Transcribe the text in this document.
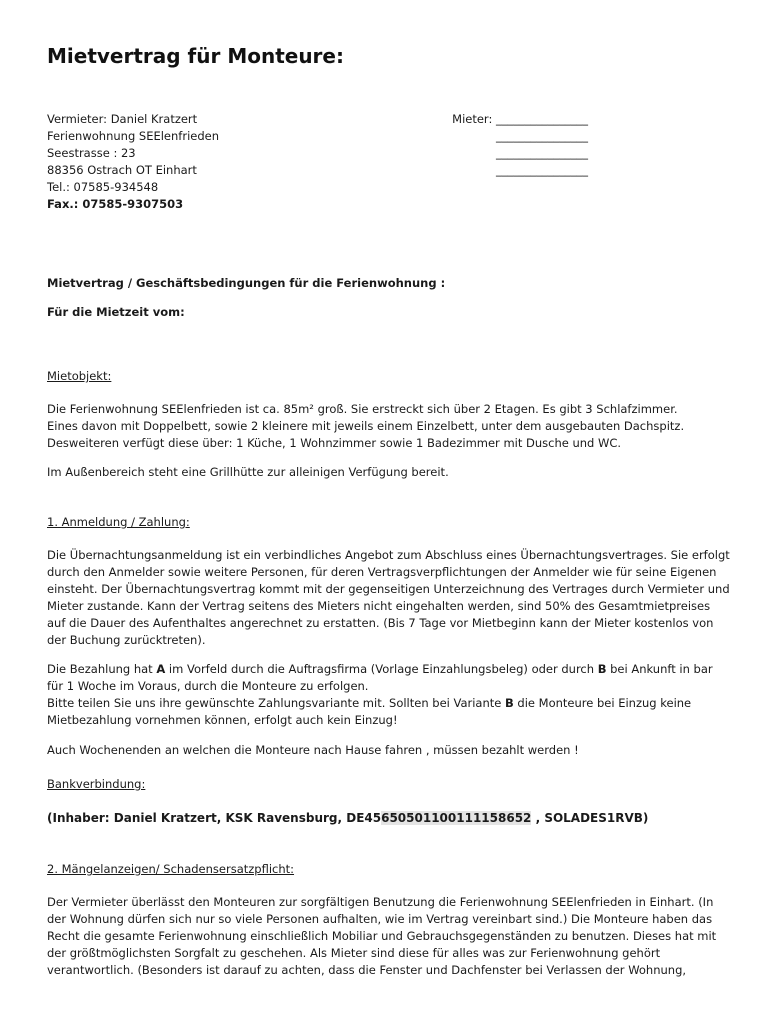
Mietvertrag für Monteure:
Vermieter: Daniel Kratzert
Ferienwohnung SEElenfrieden
Seestrasse : 23
88356 Ostrach OT Einhart
Tel.: 07585-934548
Fax.: 07585-9307503
Mieter: ________________
________________
________________
________________
Mietvertrag / Geschäftsbedingungen für die Ferienwohnung :
Für die Mietzeit vom:
Mietobjekt:
Die Ferienwohnung SEElenfrieden ist ca. 85m² groß. Sie erstreckt sich über 2 Etagen. Es gibt 3 Schlafzimmer.
Eines davon mit Doppelbett, sowie 2 kleinere mit jeweils einem Einzelbett, unter dem ausgebauten Dachspitz.
Desweiteren verfügt diese über: 1 Küche, 1 Wohnzimmer sowie 1 Badezimmer mit Dusche und WC.
Im Außenbereich steht eine Grillhütte zur alleinigen Verfügung bereit.
1. Anmeldung / Zahlung:
Die Übernachtungsanmeldung ist ein verbindliches Angebot zum Abschluss eines Übernachtungsvertrages. Sie erfolgt
durch den Anmelder sowie weitere Personen, für deren Vertragsverpflichtungen der Anmelder wie für seine Eigenen
einsteht. Der Übernachtungsvertrag kommt mit der gegenseitigen Unterzeichnung des Vertrages durch Vermieter und
Mieter zustande. Kann der Vertrag seitens des Mieters nicht eingehalten werden, sind 50% des Gesamtmietpreises
auf die Dauer des Aufenthaltes angerechnet zu erstatten. (Bis 7 Tage vor Mietbeginn kann der Mieter kostenlos von
der Buchung zurücktreten).
Die Bezahlung hat A im Vorfeld durch die Auftragsfirma (Vorlage Einzahlungsbeleg) oder durch B bei Ankunft in bar
für 1 Woche im Voraus, durch die Monteure zu erfolgen.
Bitte teilen Sie uns ihre gewünschte Zahlungsvariante mit. Sollten bei Variante B die Monteure bei Einzug keine
Mietbezahlung vornehmen können, erfolgt auch kein Einzug!
Auch Wochenenden an welchen die Monteure nach Hause fahren , müssen bezahlt werden !
Bankverbindung:
(Inhaber: Daniel Kratzert, KSK Ravensburg, DE45650501100111158652 , SOLADES1RVB)
2. Mängelanzeigen/ Schadensersatzpflicht:
Der Vermieter überlässt den Monteuren zur sorgfältigen Benutzung die Ferienwohnung SEElenfrieden in Einhart. (In
der Wohnung dürfen sich nur so viele Personen aufhalten, wie im Vertrag vereinbart sind.) Die Monteure haben das
Recht die gesamte Ferienwohnung einschließlich Mobiliar und Gebrauchsgegenständen zu benutzen. Dieses hat mit
der größtmöglichsten Sorgfalt zu geschehen. Als Mieter sind diese für alles was zur Ferienwohnung gehört
verantwortlich. (Besonders ist darauf zu achten, dass die Fenster und Dachfenster bei Verlassen der Wohnung,
